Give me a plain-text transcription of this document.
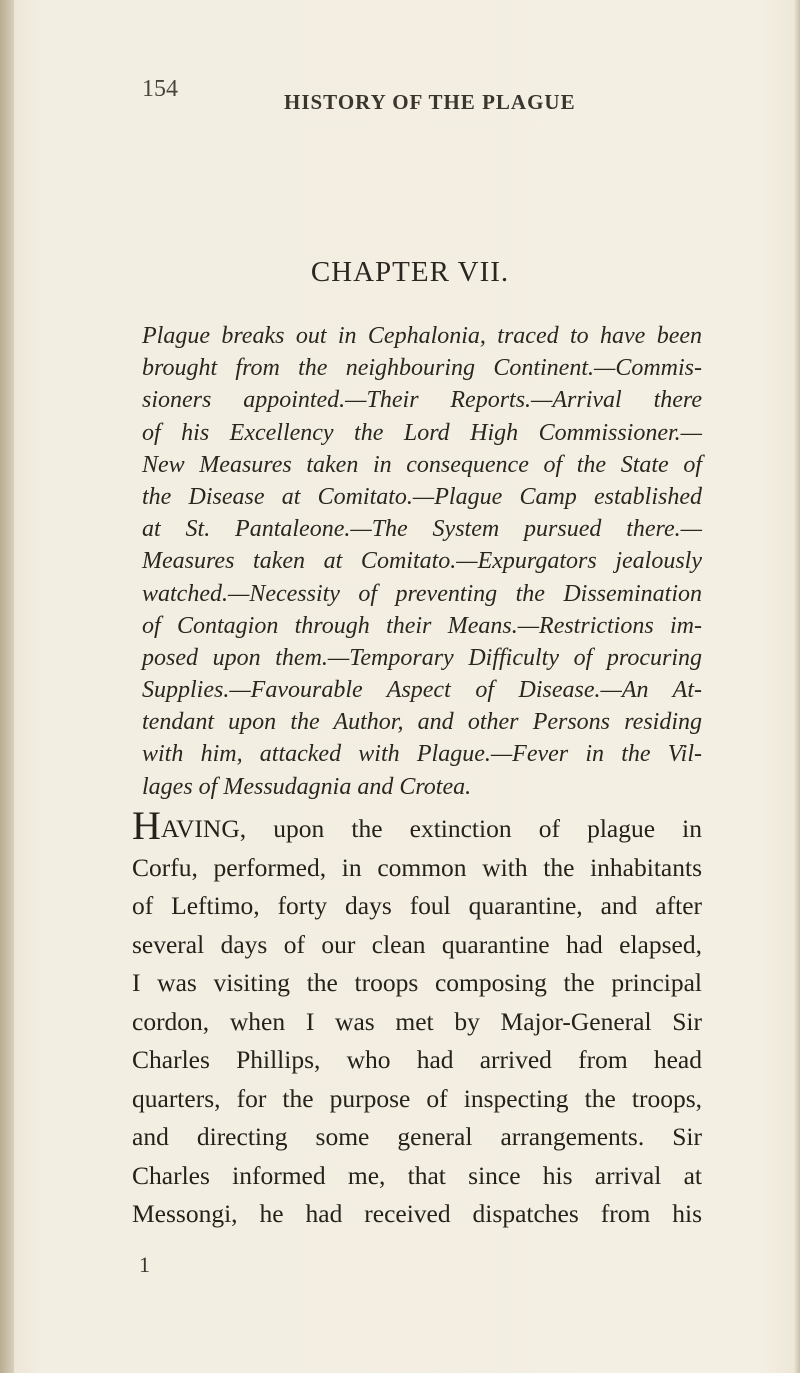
154	HISTORY OF THE PLAGUE
CHAPTER VII.
Plague breaks out in Cephalonia, traced to have been
brought from the neighbouring Continent.—Commis-
sioners appointed.—Their Reports.—Arrival there
of his Excellency the Lord High Commissioner.—
New Measures taken in consequence of the State of
the Disease at Comitato.—Plague Camp established
at St. Pantaleone.—The System pursued there.—
Measures taken at Comitato.—Expurgators jealously
watched.—Necessity of preventing the Dissemination
of Contagion through their Means.—Restrictions im-
posed upon them.—Temporary Difficulty of procuring
Supplies.—Favourable Aspect of Disease.—An At-
tendant upon the Author, and other Persons residing
with him, attacked with Plague.—Fever in the Vil-
lages of Messudagnia and Crotea.
HAVING, upon the extinction of plague in
Corfu, performed, in common with the inhabitants
of Leftimo, forty days foul quarantine, and after
several days of our clean quarantine had elapsed,
I was visiting the troops composing the principal
cordon, when I was met by Major-General Sir
Charles Phillips, who had arrived from head
quarters, for the purpose of inspecting the troops,
and directing some general arrangements. Sir
Charles informed me, that since his arrival at
Messongi, he had received dispatches from his
1
